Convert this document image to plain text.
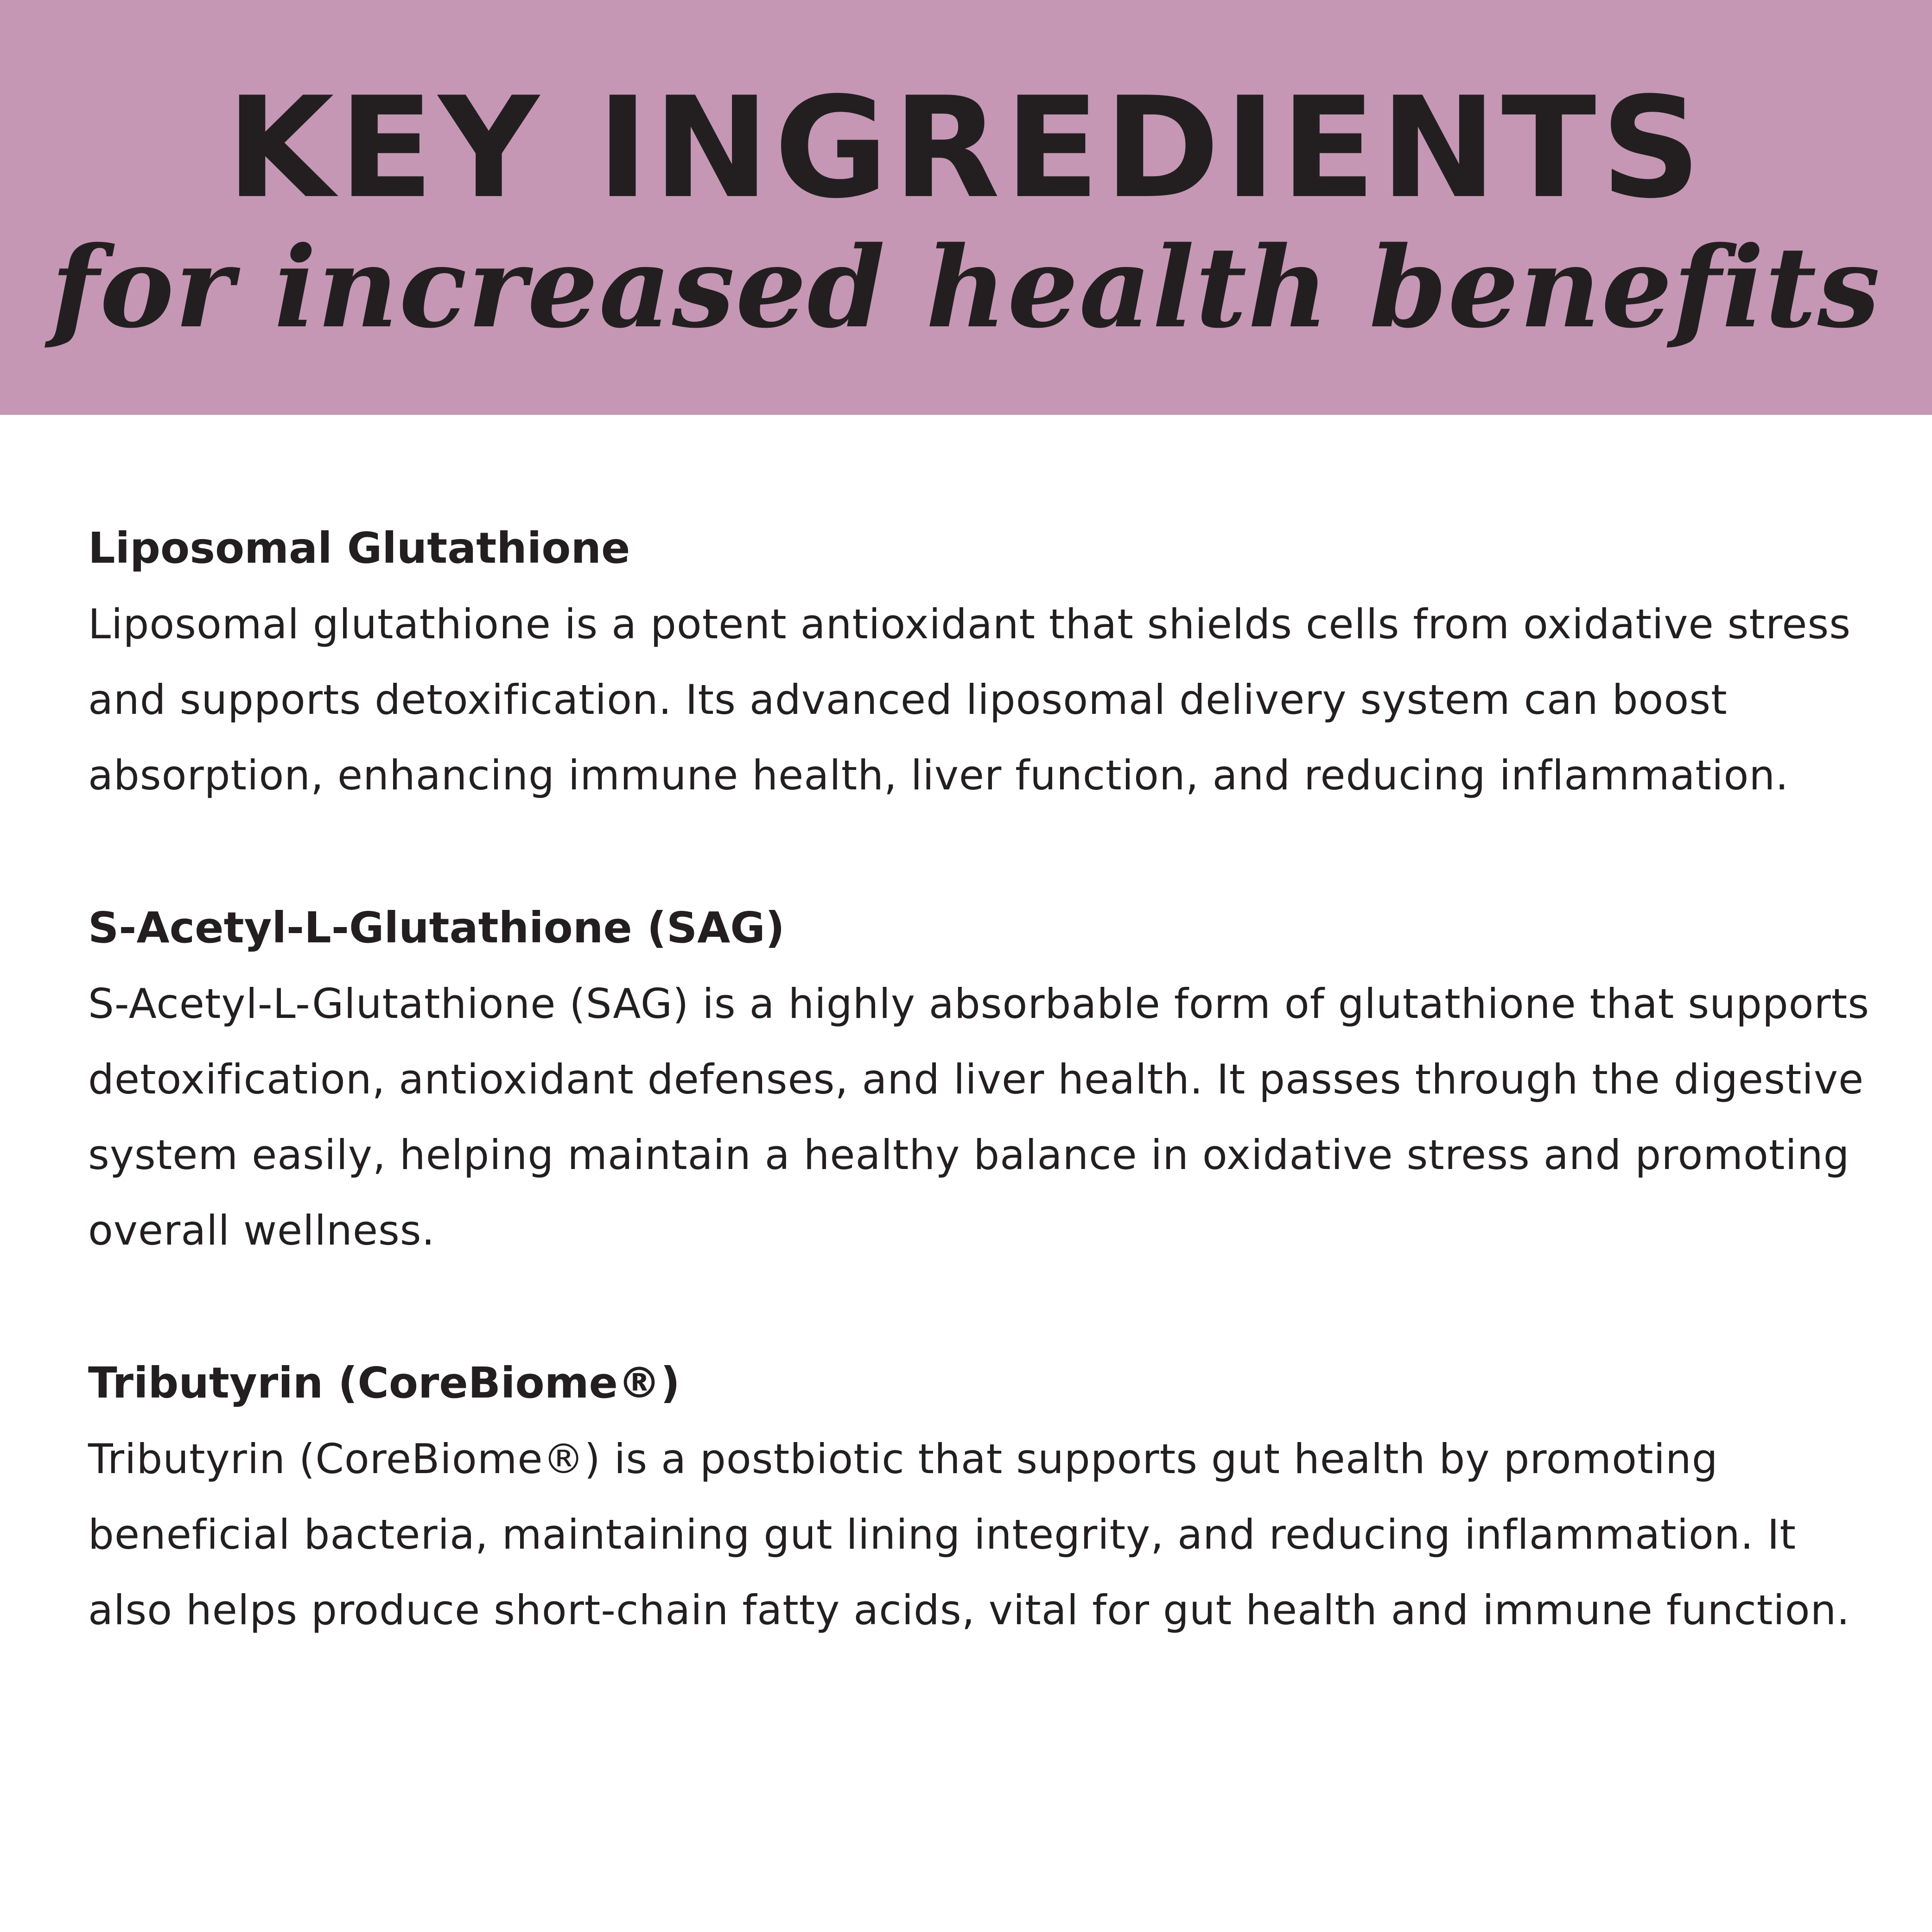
KEY INGREDIENTS
for increased health benefits

Liposomal Glutathione

Liposomal glutathione is a potent antioxidant that shields cells from oxidative stress and supports detoxification. Its advanced liposomal delivery system can boost absorption, enhancing immune health, liver function, and reducing inflammation.

S-Acetyl-L-Glutathione (SAG)

S-Acetyl-L-Glutathione (SAG) is a highly absorbable form of glutathione that supports detoxification, antioxidant defenses, and liver health. It passes through the digestive system easily, helping maintain a healthy balance in oxidative stress and promoting overall wellness.

Tributyrin (CoreBiome®)

Tributyrin (CoreBiome®) is a postbiotic that supports gut health by promoting beneficial bacteria, maintaining gut lining integrity, and reducing inflammation. It also helps produce short-chain fatty acids, vital for gut health and immune function.
